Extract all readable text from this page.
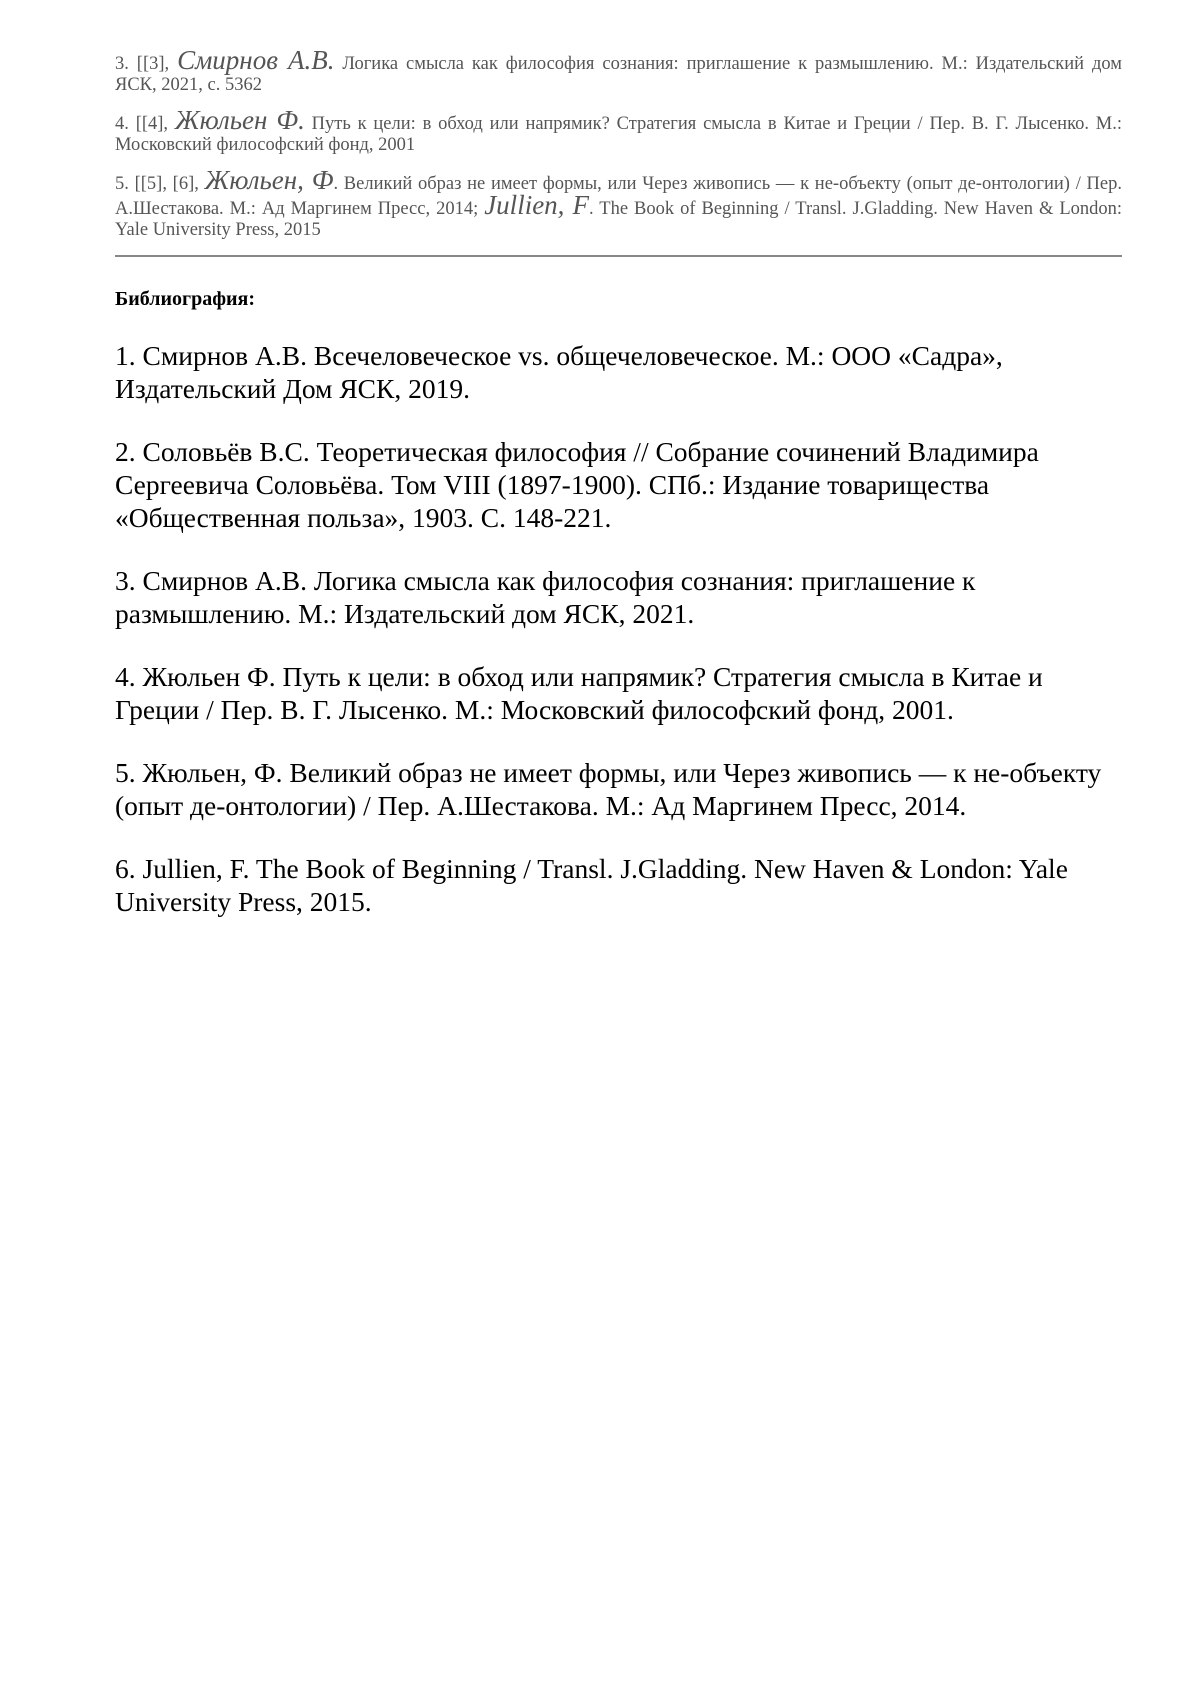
3. [[3], Смирнов А.В. Логика смысла как философия сознания: приглашение к размышлению. М.: Издательский дом ЯСК, 2021, с. 5362

4. [[4], Жюльен Ф. Путь к цели: в обход или напрямик? Стратегия смысла в Китае и Греции / Пер. В. Г. Лысенко. М.: Московский философский фонд, 2001

5. [[5], [6], Жюльен, Ф. Великий образ не имеет формы, или Через живопись — к не-объекту (опыт де-онтологии) / Пер. А.Шестакова. М.: Ад Маргинем Пресс, 2014; Jullien, F. The Book of Beginning / Transl. J.Gladding. New Haven & London: Yale University Press, 2015

Библиография:

1. Смирнов А.В. Всечеловеческое vs. общечеловеческое. М.: ООО «Садра», Издательский Дом ЯСК, 2019.

2. Соловьёв В.С. Теоретическая философия // Собрание сочинений Владимира Сергеевича Соловьёва. Том VIII (1897-1900). СПб.: Издание товарищества «Общественная польза», 1903. С. 148-221.

3. Смирнов А.В. Логика смысла как философия сознания: приглашение к размышлению. М.: Издательский дом ЯСК, 2021.

4. Жюльен Ф. Путь к цели: в обход или напрямик? Стратегия смысла в Китае и Греции / Пер. В. Г. Лысенко. М.: Московский философский фонд, 2001.

5. Жюльен, Ф. Великий образ не имеет формы, или Через живопись — к не-объекту (опыт де-онтологии) / Пер. А.Шестакова. М.: Ад Маргинем Пресс, 2014.

6. Jullien, F. The Book of Beginning / Transl. J.Gladding. New Haven & London: Yale University Press, 2015.
